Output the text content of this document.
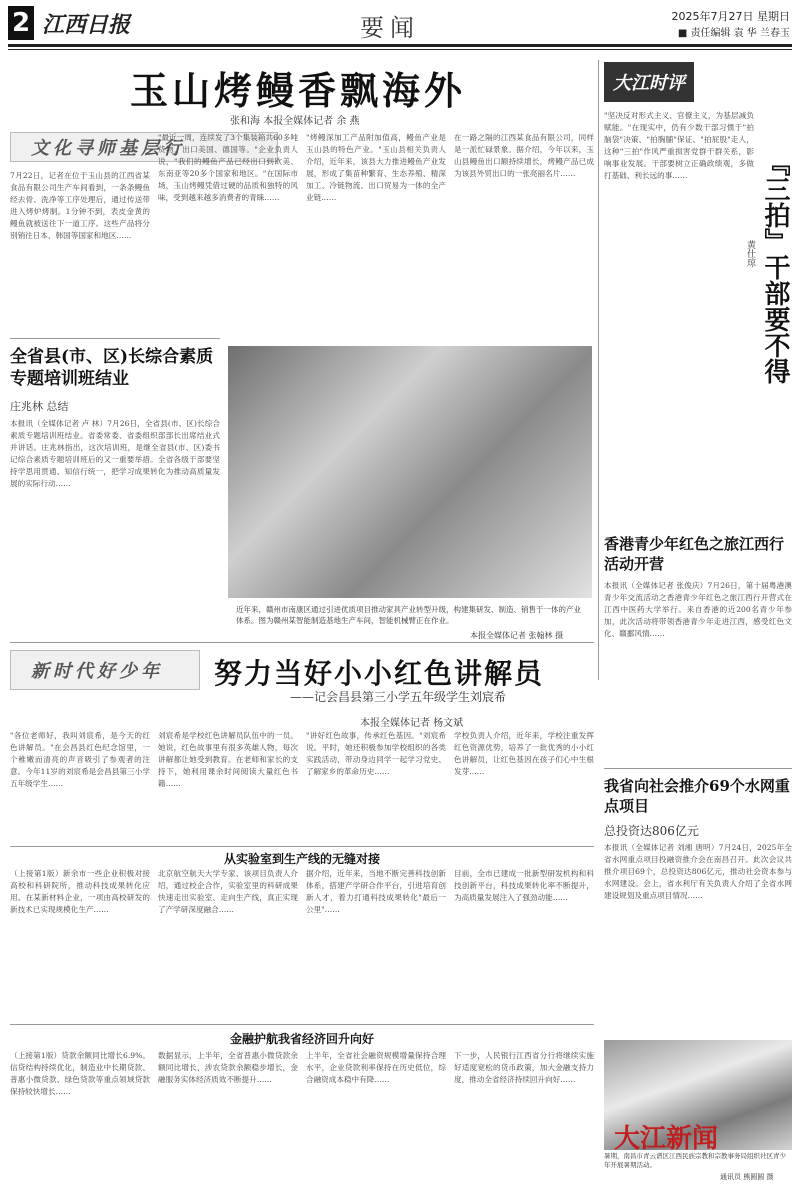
2 江西日报	要闻	2025年7月27日 星期日
■ 责任编辑 袁 华 兰春玉
玉山烤鳗香飘海外
张和海 本报全媒体记者 余 燕
文化寻师基层行
7月22日，记者在位于玉山县的江西省某食品有限公司生产车间看到，一条条鳗鱼经去骨、洗净等工序处理后，通过传送带进入烤炉烤制。1分钟不到，表皮金黄的鳗鱼就被送往下一道工序。这些产品将分别销往日本、韩国等国家和地区……
"最近一周，连续发了3个集装箱共60多吨货物，出口美国、德国等。"企业负责人说，"我们的鳗鱼产品已经出口到欧美、东南亚等20多个国家和地区。"在国际市场，玉山烤鳗凭借过硬的品质和独特的风味，受到越来越多消费者的青睐……
"烤鳗深加工产品附加值高，鳗鱼产业是玉山县的特色产业。"玉山县相关负责人介绍，近年来，该县大力推进鳗鱼产业发展，形成了集苗种繁育、生态养殖、精深加工、冷链物流、出口贸易为一体的全产业链……
在一路之隔的江西某食品有限公司，同样是一派忙碌景象。据介绍，今年以来，玉山县鳗鱼出口额持续增长，烤鳗产品已成为该县外贸出口的一张亮丽名片……
大江时评
"坚决反对形式主义、官僚主义，为基层减负赋能。"在现实中，仍有少数干部习惯于"拍脑袋"决策、"拍胸脯"保证、"拍屁股"走人，这种"三拍"作风严重损害党群干群关系，影响事业发展。干部要树立正确政绩观，多做打基础、利长远的事……	『三拍』干部要不得
黄仕琼
全省县(市、区)长综合素质专题培训班结业
庄兆林 总结
本报讯（全媒体记者 卢 林）7月26日，全省县(市、区)长综合素质专题培训班结业。省委常委、省委组织部部长出席结业式并讲话。庄兆林指出，这次培训班，是继全省县(市、区)委书记综合素质专题培训班后的又一重要举措。全省各级干部要坚持学思用贯通、知信行统一，把学习成果转化为推动高质量发展的实际行动……
近年来，赣州市南康区通过引进优质项目推动家具产业转型升级，构建集研发、制造、销售于一体的产业体系。图为赣州某智能制造基地生产车间，智能机械臂正在作业。
本报全媒体记者 张翰林 摄
香港青少年红色之旅江西行活动开营
本报讯（全媒体记者 张俊庆）7月26日，第十届粤港澳青少年交流活动之香港青少年红色之旅江西行开营式在江西中医药大学举行。来自香港的近200名青少年参加，此次活动将带领香港青少年走进江西，感受红色文化、赣鄱风情……
新时代好少年	努力当好小小红色讲解员
——记会昌县第三小学五年级学生刘宸希
本报全媒体记者 杨文斌
"各位老师好，我叫刘宸希，是今天的红色讲解员。"在会昌县红色纪念馆里，一个稚嫩而清亮的声音吸引了参观者的注意。今年11岁的刘宸希是会昌县第三小学五年级学生……
刘宸希是学校红色讲解员队伍中的一员。她说，红色故事里有很多英雄人物，每次讲解都让她受到教育。在老师和家长的支持下，她利用课余时间阅读大量红色书籍……
"讲好红色故事，传承红色基因。"刘宸希说。平时，她还积极参加学校组织的各类实践活动，带动身边同学一起学习党史、了解家乡的革命历史……
学校负责人介绍，近年来，学校注重发挥红色资源优势，培养了一批优秀的小小红色讲解员，让红色基因在孩子们心中生根发芽……
我省向社会推介69个水网重点项目
总投资达806亿元
本报讯（全媒体记者 刘湘 唐明）7月24日，2025年全省水网重点项目投融资推介会在南昌召开。此次会议共推介项目69个，总投资达806亿元，推动社会资本参与水网建设。会上，省水利厅有关负责人介绍了全省水网建设规划及重点项目情况……
从实验室到生产线的无缝对接
（上接第1版）新余市一些企业积极对接高校和科研院所，推动科技成果转化应用。在某新材料企业，一项由高校研发的新技术已实现规模化生产……
北京航空航天大学专家、该项目负责人介绍，通过校企合作，实验室里的科研成果快速走出实验室、走向生产线，真正实现了产学研深度融合……
据介绍，近年来，当地不断完善科技创新体系，搭建产学研合作平台，引进培育创新人才，着力打通科技成果转化"最后一公里"……
目前，全市已建成一批新型研发机构和科技创新平台，科技成果转化率不断提升，为高质量发展注入了强劲动能……
金融护航我省经济回升向好
（上接第1版）贷款余额同比增长6.9%。信贷结构持续优化，制造业中长期贷款、普惠小微贷款、绿色贷款等重点领域贷款保持较快增长……
数据显示，上半年，全省普惠小微贷款余额同比增长，涉农贷款余额稳步增长，金融服务实体经济质效不断提升……
上半年，全省社会融资规模增量保持合理水平，企业贷款利率保持在历史低位，综合融资成本稳中有降……
下一步，人民银行江西省分行将继续实施好适度宽松的货币政策，加大金融支持力度，推动全省经济持续回升向好……
大江新闻
暑期，南昌市青云谱区江西民族宗教和宗教事务局组织社区青少年开展暑期活动。
通讯员 熊圆圆 摄
